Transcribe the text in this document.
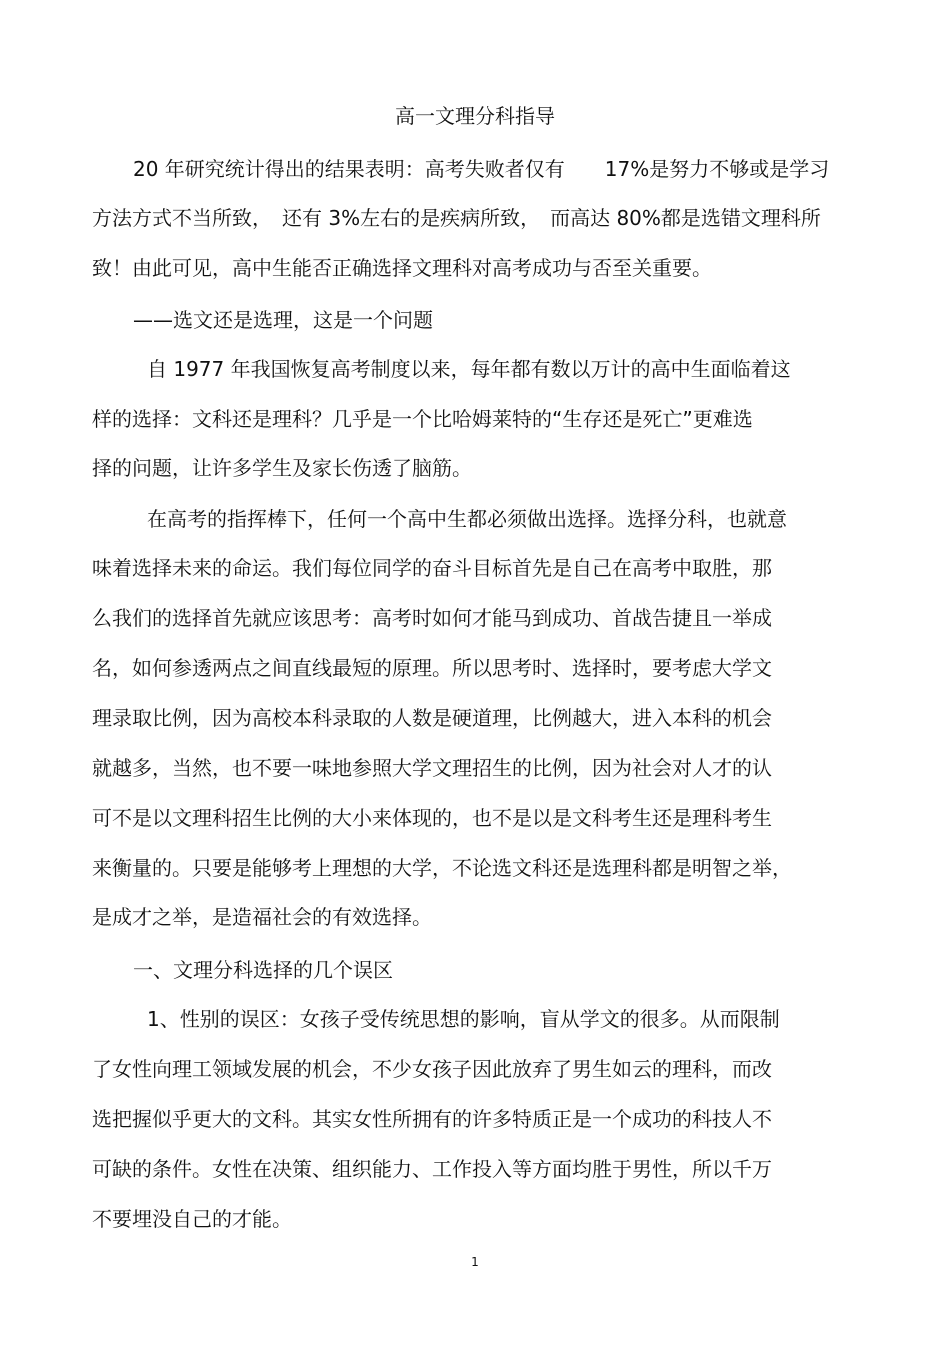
高一文理分科指导
20 年研究统计得出的结果表明：高考失败者仅有　　17%是努力不够或是学习
方法方式不当所致，　还有 3%左右的是疾病所致，　而高达 80%都是选错文理科所
致！由此可见，高中生能否正确选择文理科对高考成功与否至关重要。
——选文还是选理，这是一个问题
自 1977 年我国恢复高考制度以来，每年都有数以万计的高中生面临着这
样的选择：文科还是理科？几乎是一个比哈姆莱特的“生存还是死亡”更难选
择的问题，让许多学生及家长伤透了脑筋。
在高考的指挥棒下，任何一个高中生都必须做出选择。选择分科，也就意
味着选择未来的命运。我们每位同学的奋斗目标首先是自己在高考中取胜，那
么我们的选择首先就应该思考：高考时如何才能马到成功、首战告捷且一举成
名，如何参透两点之间直线最短的原理。所以思考时、选择时，要考虑大学文
理录取比例，因为高校本科录取的人数是硬道理，比例越大，进入本科的机会
就越多，当然，也不要一味地参照大学文理招生的比例，因为社会对人才的认
可不是以文理科招生比例的大小来体现的，也不是以是文科考生还是理科考生
来衡量的。只要是能够考上理想的大学，不论选文科还是选理科都是明智之举，
是成才之举，是造福社会的有效选择。
一、文理分科选择的几个误区
1、性别的误区：女孩子受传统思想的影响，盲从学文的很多。从而限制
了女性向理工领域发展的机会，不少女孩子因此放弃了男生如云的理科，而改
选把握似乎更大的文科。其实女性所拥有的许多特质正是一个成功的科技人不
可缺的条件。女性在决策、组织能力、工作投入等方面均胜于男性，所以千万
不要埋没自己的才能。
1
